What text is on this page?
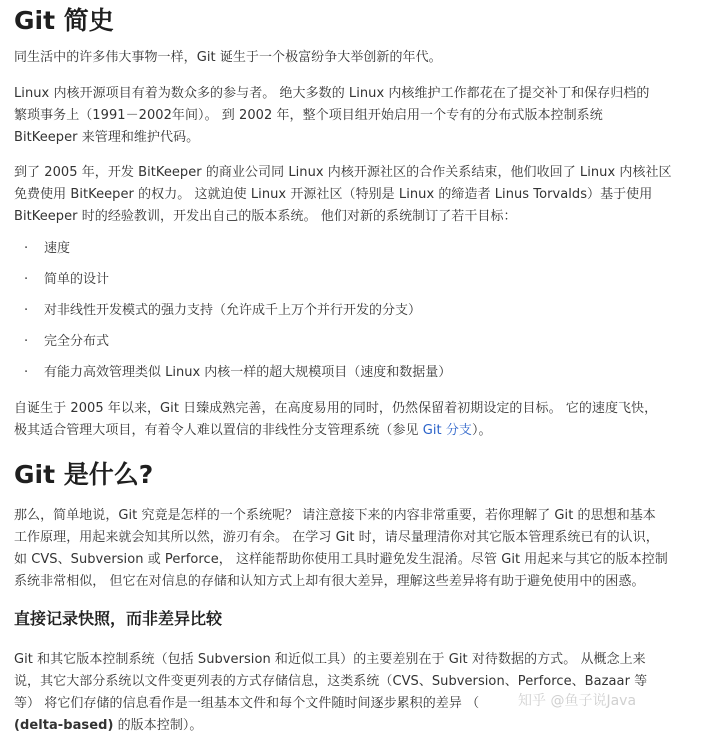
Git 简史

同生活中的许多伟大事物一样，Git 诞生于一个极富纷争大举创新的年代。

Linux 内核开源项目有着为数众多的参与者。 绝大多数的 Linux 内核维护工作都花在了提交补丁和保存归档的
繁琐事务上（1991－2002年间）。 到 2002 年，整个项目组开始启用一个专有的分布式版本控制系统
BitKeeper 来管理和维护代码。

到了 2005 年，开发 BitKeeper 的商业公司同 Linux 内核开源社区的合作关系结束，他们收回了 Linux 内核社区
免费使用 BitKeeper 的权力。 这就迫使 Linux 开源社区（特别是 Linux 的缔造者 Linus Torvalds）基于使用
BitKeeper 时的经验教训，开发出自己的版本系统。 他们对新的系统制订了若干目标：

· 速度
· 简单的设计
· 对非线性开发模式的强力支持（允许成千上万个并行开发的分支）
· 完全分布式
· 有能力高效管理类似 Linux 内核一样的超大规模项目（速度和数据量）

自诞生于 2005 年以来，Git 日臻成熟完善，在高度易用的同时，仍然保留着初期设定的目标。 它的速度飞快，
极其适合管理大项目，有着令人难以置信的非线性分支管理系统（参见 Git 分支）。

Git 是什么?

那么，简单地说，Git 究竟是怎样的一个系统呢？ 请注意接下来的内容非常重要，若你理解了 Git 的思想和基本
工作原理，用起来就会知其所以然，游刃有余。 在学习 Git 时，请尽量理清你对其它版本管理系统已有的认识，
如 CVS、Subversion 或 Perforce， 这样能帮助你使用工具时避免发生混淆。尽管 Git 用起来与其它的版本控制
系统非常相似， 但它在对信息的存储和认知方式上却有很大差异，理解这些差异将有助于避免使用中的困惑。

直接记录快照，而非差异比较

Git 和其它版本控制系统（包括 Subversion 和近似工具）的主要差别在于 Git 对待数据的方式。 从概念上来
说，其它大部分系统以文件变更列表的方式存储信息，这类系统（CVS、Subversion、Perforce、Bazaar 等
等） 将它们存储的信息看作是一组基本文件和每个文件随时间逐步累积的差异 （
(delta-based) 的版本控制）。

知乎 @鱼子说Java
